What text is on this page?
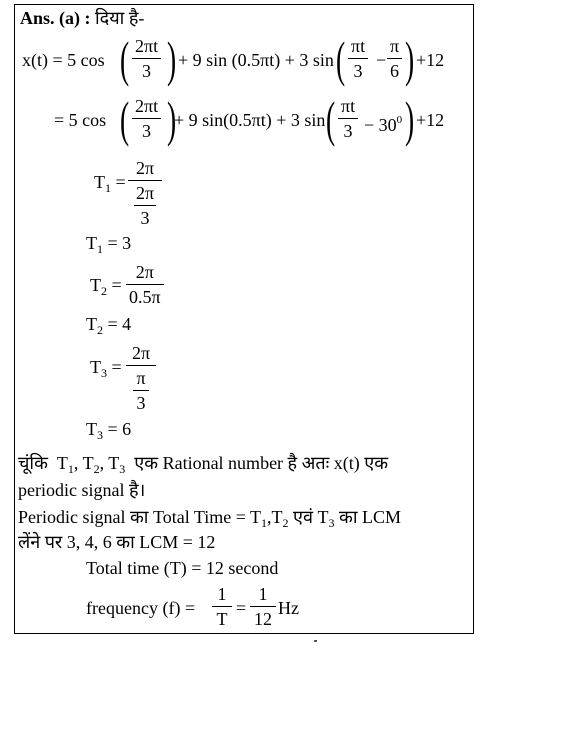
Ans. (a) : दिया है-
x(t) = 5 cos ( 2πt
3 ) + 9 sin (0.5πt) + 3 sin ( πt
3
−
π
6 ) +12
= 5 cos ( 2πt
3 )
+ 9 sin(0.5πt) + 3 sin ( πt
$3 - 30^0$ ) +12
$T_1$ =
2π
2π
3
$T_1 = 3$
$T_2$ =
2π
0.5π
$T_2 = 4$
$T_3$ =
2π
π
3
$T_3 = 6$
चूंकि $T_1$, $T_2$, $T_3$ एक Rational number है अतः x(t) एक
periodic signal है।
Periodic signal का Total Time = $T_1,T_2$ एवं $T_3$ का LCM
लेंने पर 3, 4, 6 का LCM = 12
Total time (T) = 12 second
frequency (f) =
1
T
=
1
12
Hz
